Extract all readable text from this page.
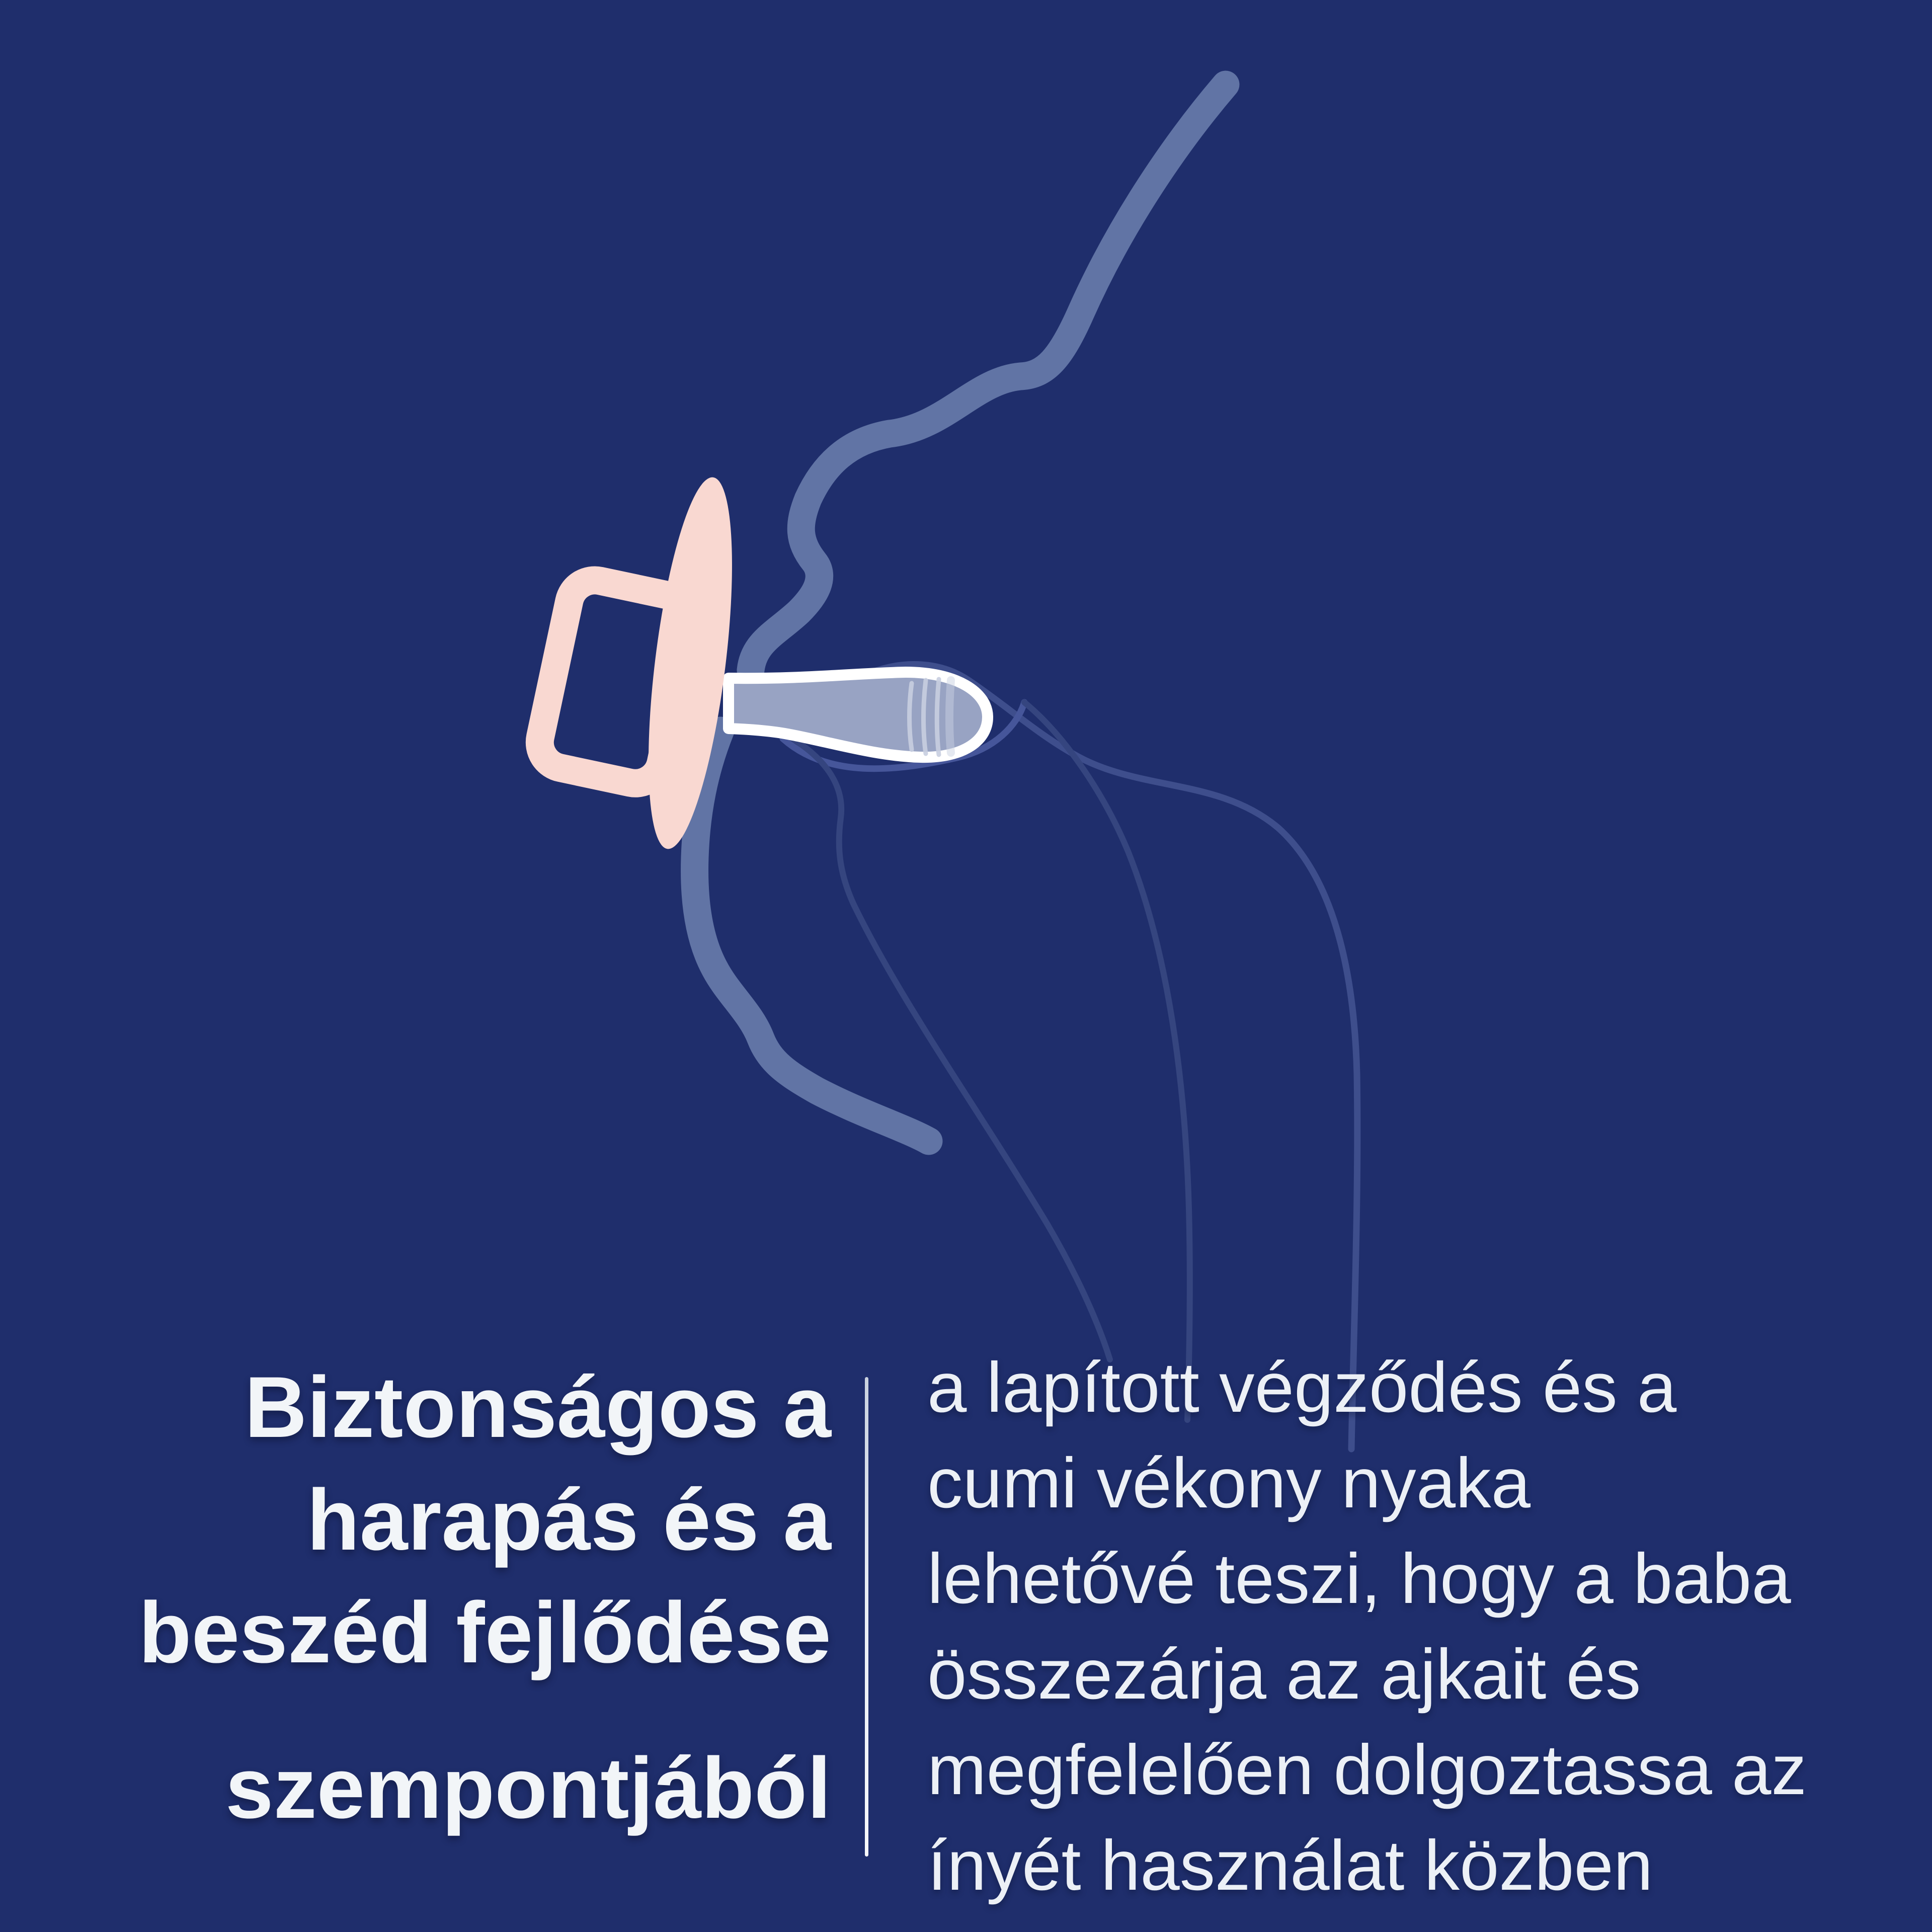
Biztonságos a
harapás és a
beszéd fejlődése
szempontjából
a lapított végződés és a
cumi vékony nyaka
lehetővé teszi, hogy a baba
összezárja az ajkait és
megfelelően dolgoztassa az
ínyét használat közben
